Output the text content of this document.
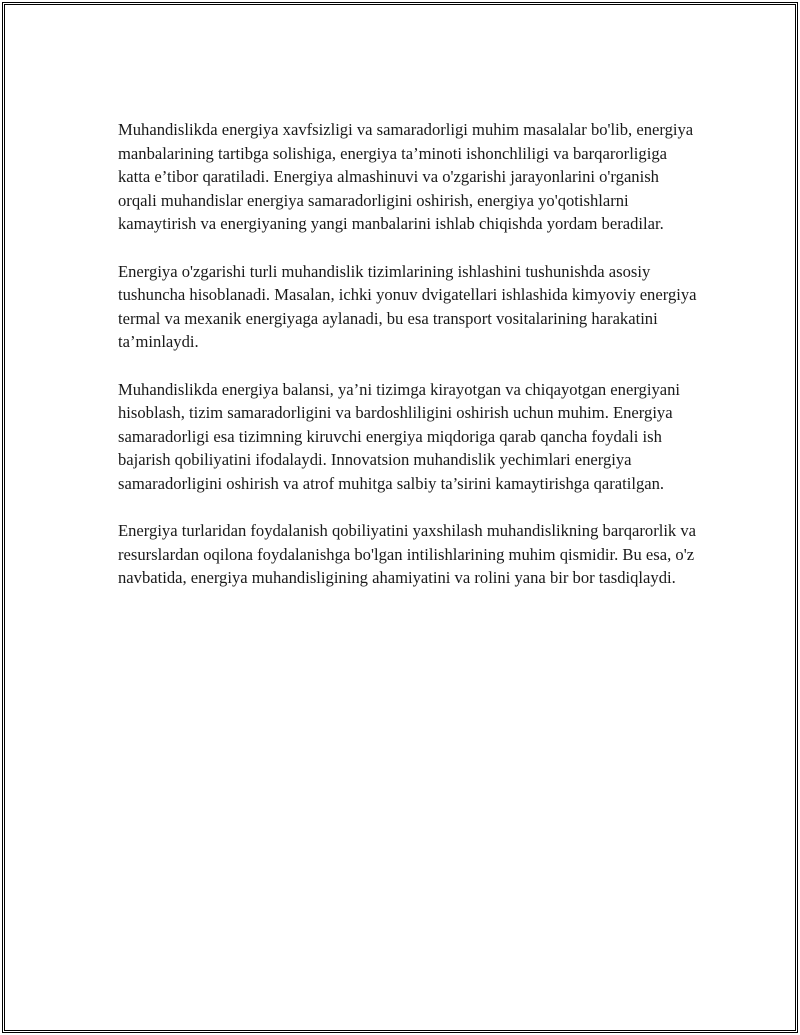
Muhandislikda energiya xavfsizligi va samaradorligi muhim masalalar bo'lib, energiya manbalarining tartibga solishiga, energiya ta’minoti ishonchliligi va barqarorligiga katta e’tibor qaratiladi. Energiya almashinuvi va o'zgarishi jarayonlarini o'rganish orqali muhandislar energiya samaradorligini oshirish, energiya yo'qotishlarni kamaytirish va energiyaning yangi manbalarini ishlab chiqishda yordam beradilar.

Energiya o'zgarishi turli muhandislik tizimlarining ishlashini tushunishda asosiy tushuncha hisoblanadi. Masalan, ichki yonuv dvigatellari ishlashida kimyoviy energiya termal va mexanik energiyaga aylanadi, bu esa transport vositalarining harakatini ta’minlaydi.

Muhandislikda energiya balansi, ya’ni tizimga kirayotgan va chiqayotgan energiyani hisoblash, tizim samaradorligini va bardoshliligini oshirish uchun muhim. Energiya samaradorligi esa tizimning kiruvchi energiya miqdoriga qarab qancha foydali ish bajarish qobiliyatini ifodalaydi. Innovatsion muhandislik yechimlari energiya samaradorligini oshirish va atrof muhitga salbiy ta’sirini kamaytirishga qaratilgan.

Energiya turlaridan foydalanish qobiliyatini yaxshilash muhandislikning barqarorlik va resurslardan oqilona foydalanishga bo'lgan intilishlarining muhim qismidir. Bu esa, o'z navbatida, energiya muhandisligining ahamiyatini va rolini yana bir bor tasdiqlaydi.
